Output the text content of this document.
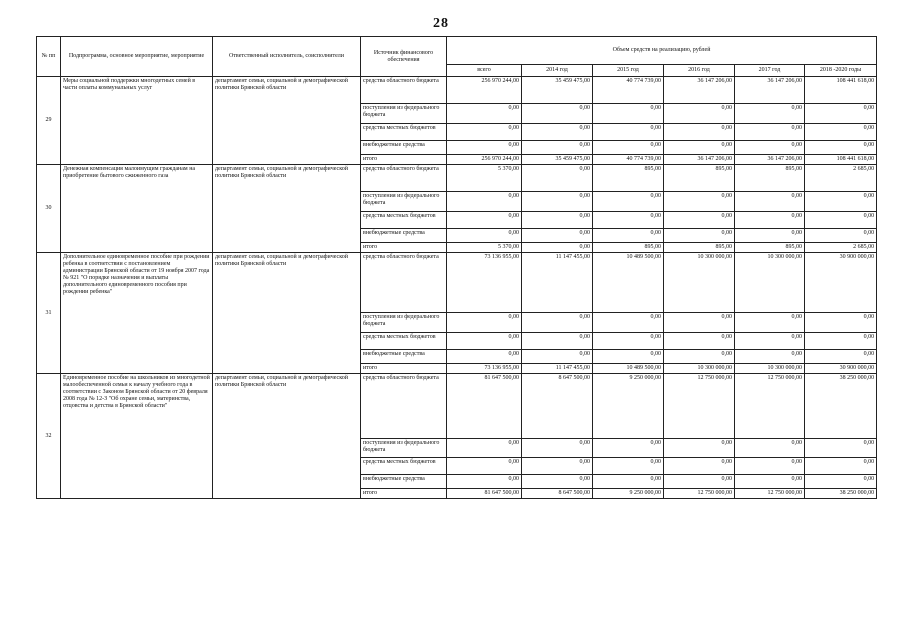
28
№ пп	Подпрограмма, основное мероприятие, мероприятие	Ответственный исполнитель, соисполнители	Источник финансового обеспечения	Объем средств на реализацию, рублей					
				всего	2014 год	2015 год	2016 год	2017 год	2018 -2020 годы
29	Меры социальной поддержки многодетных семей в части оплаты коммунальных услуг	департамент семьи, социальной и демографической политики Брянской области	средства областного бюджета	256 970 244,00	35 459 475,00	40 774 739,00	36 147 206,00	36 147 206,00	108 441 618,00
			поступления из федерального бюджета	0,00	0,00	0,00	0,00	0,00	0,00
			средства местных бюджетов	0,00	0,00	0,00	0,00	0,00	0,00
			внебюджетные средства	0,00	0,00	0,00	0,00	0,00	0,00
			итого	256 970 244,00	35 459 475,00	40 774 739,00	36 147 206,00	36 147 206,00	108 441 618,00
30	Денежная компенсация малоимущим гражданам на приобретение бытового сжиженного газа	департамент семьи, социальной и демографической политики Брянской области	средства областного бюджета	5 370,00	0,00	895,00	895,00	895,00	2 685,00
			поступления из федерального бюджета	0,00	0,00	0,00	0,00	0,00	0,00
			средства местных бюджетов	0,00	0,00	0,00	0,00	0,00	0,00
			внебюджетные средства	0,00	0,00	0,00	0,00	0,00	0,00
			итого	5 370,00	0,00	895,00	895,00	895,00	2 685,00
31	Дополнительное единовременное пособие при рождении ребенка в соответствии с постановлением администрации Брянской области от 19 ноября 2007 года № 921 "О порядке назначения и выплаты дополнительного единовременного пособия при рождении ребенка"	департамент семьи, социальной и демографической политики Брянской области	средства областного бюджета	73 136 955,00	11 147 455,00	10 489 500,00	10 300 000,00	10 300 000,00	30 900 000,00
			поступления из федерального бюджета	0,00	0,00	0,00	0,00	0,00	0,00
			средства местных бюджетов	0,00	0,00	0,00	0,00	0,00	0,00
			внебюджетные средства	0,00	0,00	0,00	0,00	0,00	0,00
			итого	73 136 955,00	11 147 455,00	10 489 500,00	10 300 000,00	10 300 000,00	30 900 000,00
32	Единовременное пособие на школьников из многодетной малообеспеченной семьи к началу учебного года в соответствии с Законом Брянской области от 20 февраля 2008 года № 12-З "Об охране семьи, материнства, отцовства и детства в Брянской области"	департамент семьи, социальной и демографической политики Брянской области	средства областного бюджета	81 647 500,00	8 647 500,00	9 250 000,00	12 750 000,00	12 750 000,00	38 250 000,00
			поступления из федерального бюджета	0,00	0,00	0,00	0,00	0,00	0,00
			средства местных бюджетов	0,00	0,00	0,00	0,00	0,00	0,00
			внебюджетные средства	0,00	0,00	0,00	0,00	0,00	0,00
			итого	81 647 500,00	8 647 500,00	9 250 000,00	12 750 000,00	12 750 000,00	38 250 000,00
